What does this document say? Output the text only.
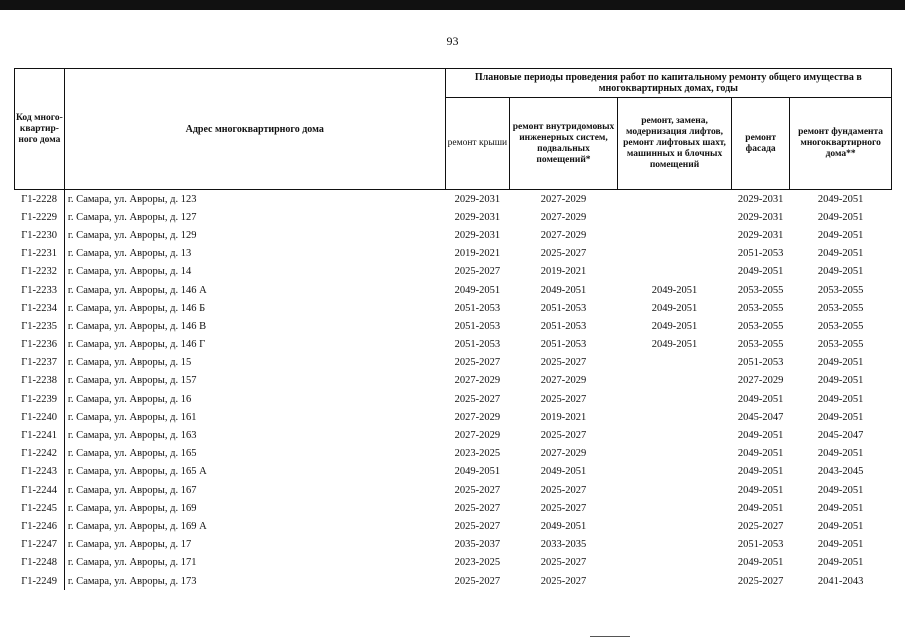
93
Код много-квартир-ного дома	Адрес многоквартирного дома	Плановые периоды проведения работ по капитальному ремонту общего имущества в многоквартирных домах, годы				
		ремонт крыши	ремонт внутридомовых инженерных систем, подвальных помещений*	ремонт, замена, модернизация лифтов, ремонт лифтовых шахт, машинных и блочных помещений	ремонт фасада	ремонт фундамента многоквартирного дома**
Г1-2228	г. Самара, ул. Авроры, д. 123	2029-2031	2027-2029		2029-2031	2049-2051
Г1-2229	г. Самара, ул. Авроры, д. 127	2029-2031	2027-2029		2029-2031	2049-2051
Г1-2230	г. Самара, ул. Авроры, д. 129	2029-2031	2027-2029		2029-2031	2049-2051
Г1-2231	г. Самара, ул. Авроры, д. 13	2019-2021	2025-2027		2051-2053	2049-2051
Г1-2232	г. Самара, ул. Авроры, д. 14	2025-2027	2019-2021		2049-2051	2049-2051
Г1-2233	г. Самара, ул. Авроры, д. 146 А	2049-2051	2049-2051	2049-2051	2053-2055	2053-2055
Г1-2234	г. Самара, ул. Авроры, д. 146 Б	2051-2053	2051-2053	2049-2051	2053-2055	2053-2055
Г1-2235	г. Самара, ул. Авроры, д. 146 В	2051-2053	2051-2053	2049-2051	2053-2055	2053-2055
Г1-2236	г. Самара, ул. Авроры, д. 146 Г	2051-2053	2051-2053	2049-2051	2053-2055	2053-2055
Г1-2237	г. Самара, ул. Авроры, д. 15	2025-2027	2025-2027		2051-2053	2049-2051
Г1-2238	г. Самара, ул. Авроры, д. 157	2027-2029	2027-2029		2027-2029	2049-2051
Г1-2239	г. Самара, ул. Авроры, д. 16	2025-2027	2025-2027		2049-2051	2049-2051
Г1-2240	г. Самара, ул. Авроры, д. 161	2027-2029	2019-2021		2045-2047	2049-2051
Г1-2241	г. Самара, ул. Авроры, д. 163	2027-2029	2025-2027		2049-2051	2045-2047
Г1-2242	г. Самара, ул. Авроры, д. 165	2023-2025	2027-2029		2049-2051	2049-2051
Г1-2243	г. Самара, ул. Авроры, д. 165 А	2049-2051	2049-2051		2049-2051	2043-2045
Г1-2244	г. Самара, ул. Авроры, д. 167	2025-2027	2025-2027		2049-2051	2049-2051
Г1-2245	г. Самара, ул. Авроры, д. 169	2025-2027	2025-2027		2049-2051	2049-2051
Г1-2246	г. Самара, ул. Авроры, д. 169 А	2025-2027	2049-2051		2025-2027	2049-2051
Г1-2247	г. Самара, ул. Авроры, д. 17	2035-2037	2033-2035		2051-2053	2049-2051
Г1-2248	г. Самара, ул. Авроры, д. 171	2023-2025	2025-2027		2049-2051	2049-2051
Г1-2249	г. Самара, ул. Авроры, д. 173	2025-2027	2025-2027		2025-2027	2041-2043
